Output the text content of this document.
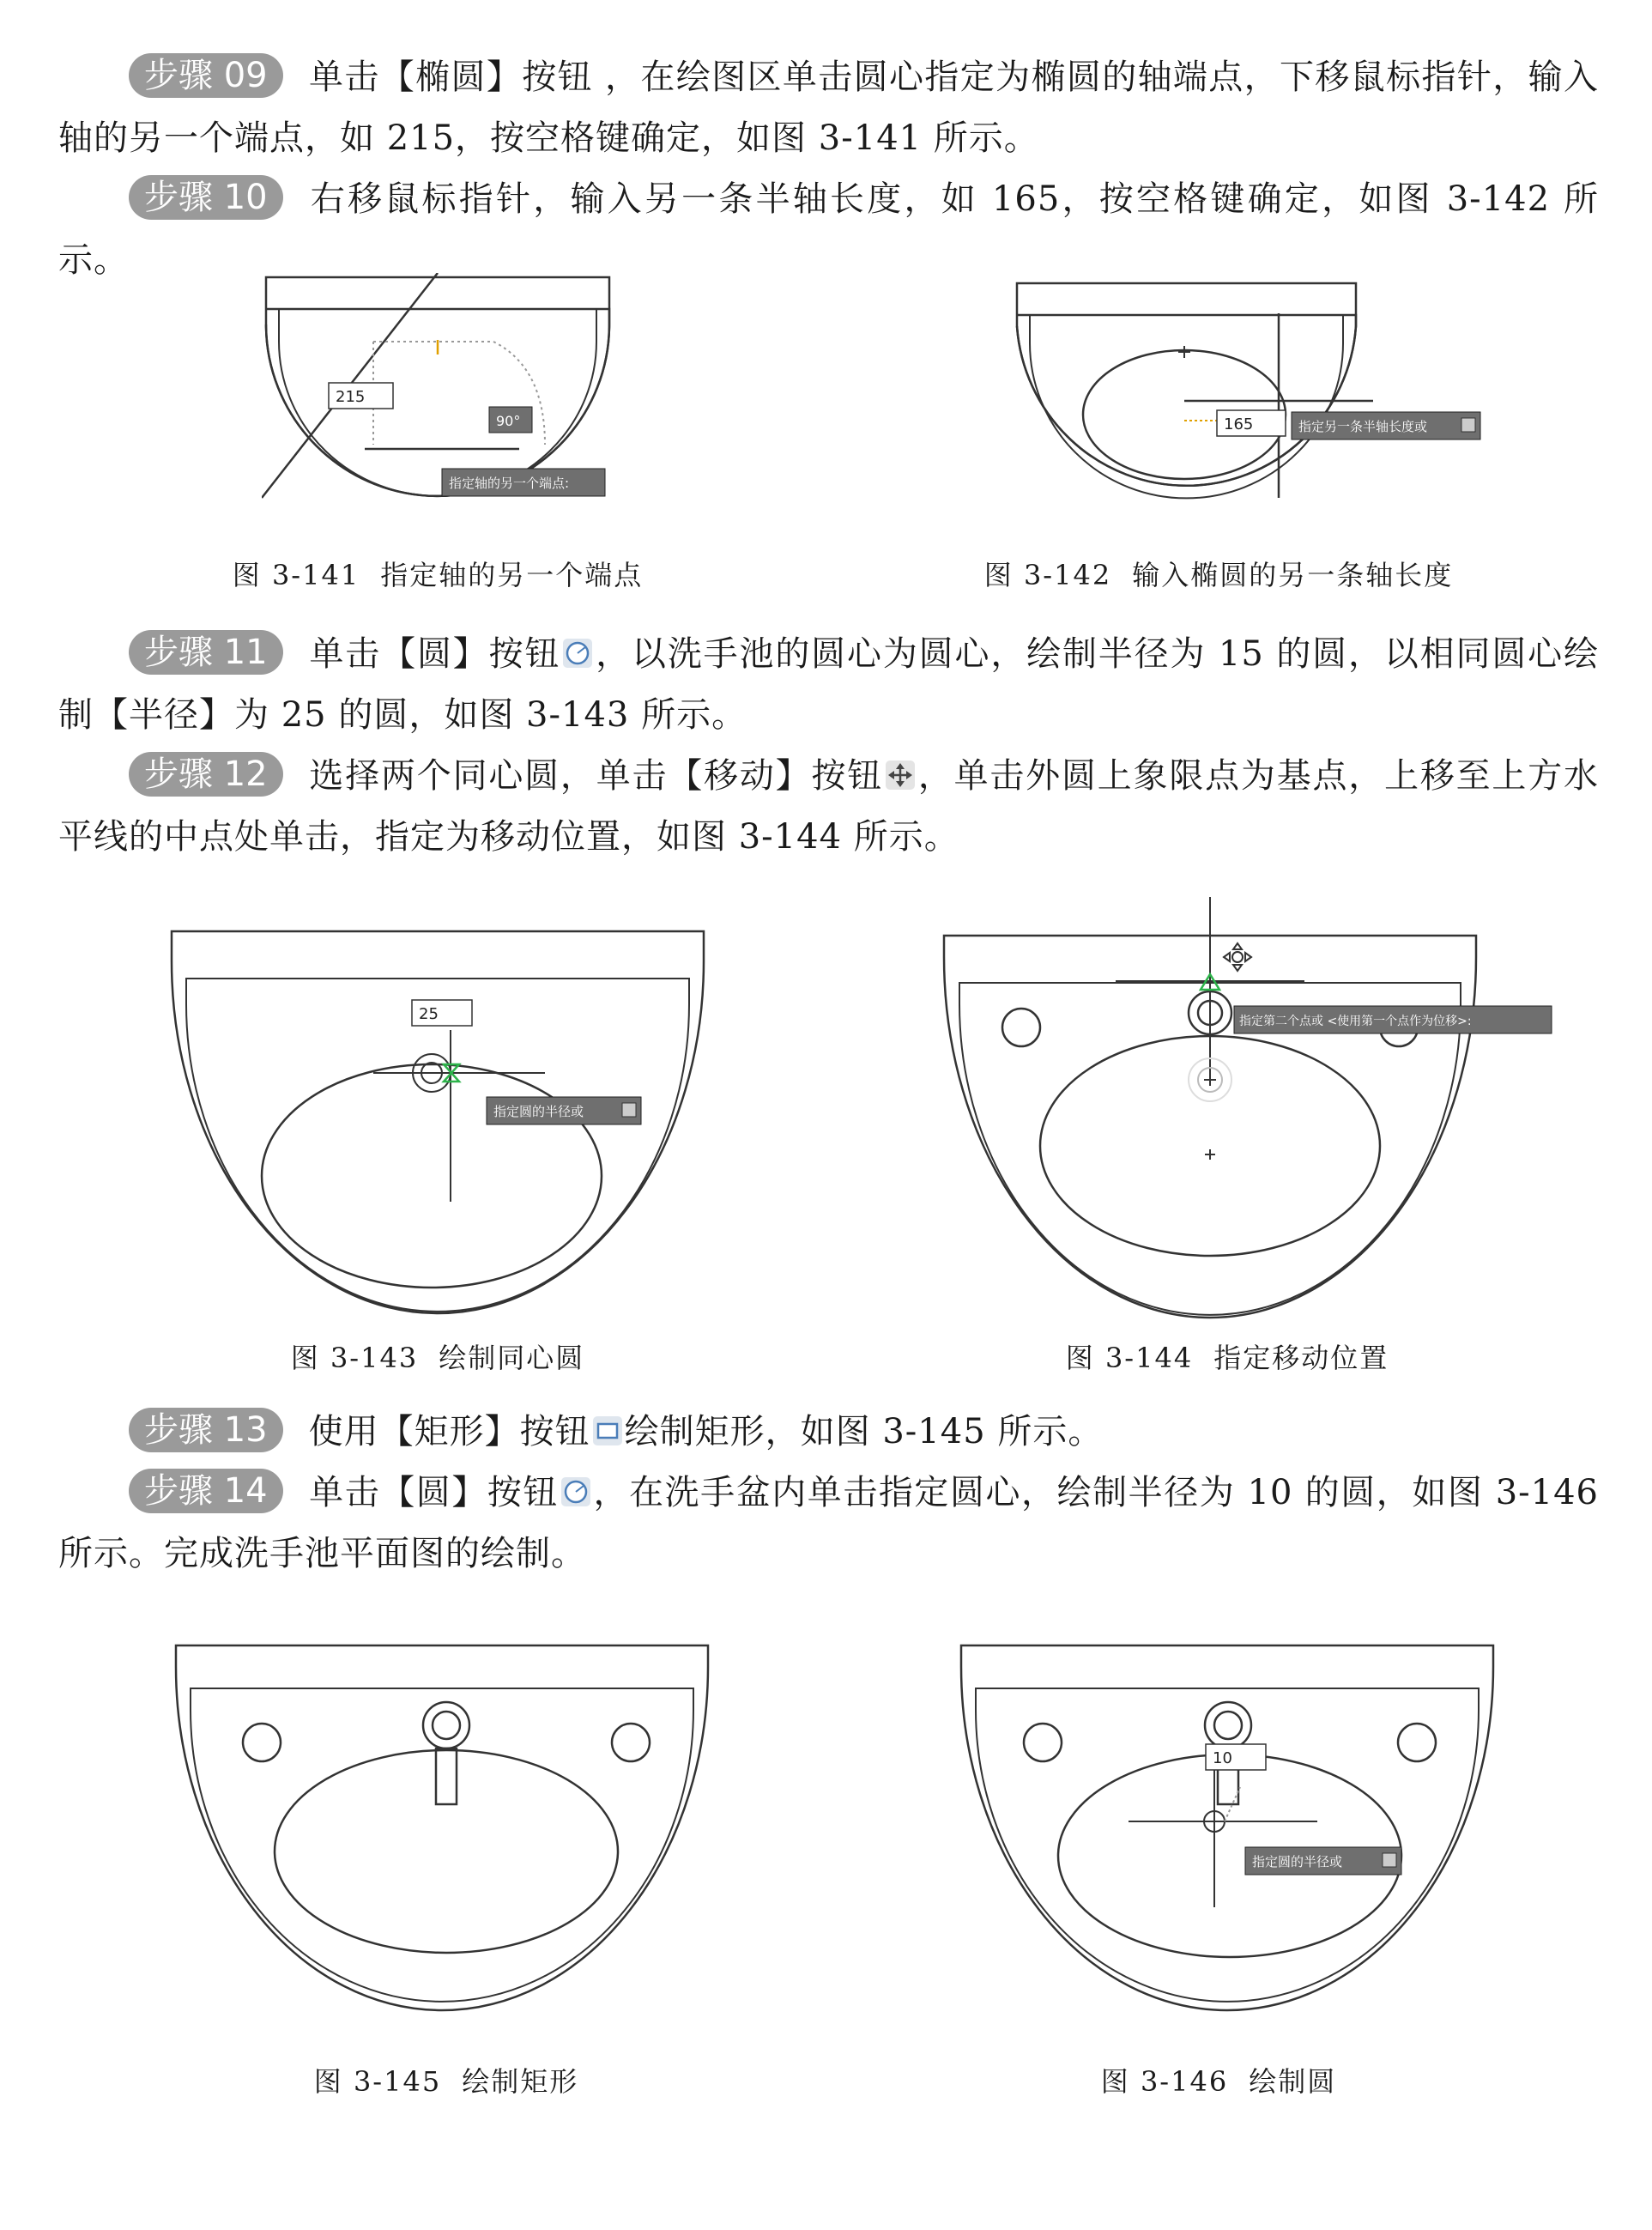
步骤 09 单击【椭圆】按钮 ，在绘图区单击圆心指定为椭圆的轴端点，下移鼠标指针，输入轴的另一个端点，如 215，按空格键确定，如图 3-141 所示。

步骤 10 右移鼠标指针，输入另一条半轴长度，如 165，按空格键确定，如图 3-142 所示。

215
90°
指定轴的另一个端点:
图 3-141 指定轴的另一个端点
165	指定另一条半轴长度或
图 3-142 输入椭圆的另一条轴长度

步骤 11 单击【圆】按钮 ，以洗手池的圆心为圆心，绘制半径为 15 的圆，以相同圆心绘制【半径】为 25 的圆，如图 3-143 所示。

步骤 12 选择两个同心圆，单击【移动】按钮 ，单击外圆上象限点为基点，上移至上方水平线的中点处单击，指定为移动位置，如图 3-144 所示。

25
指定圆的半径或
图 3-143 绘制同心圆
指定第二个点或 <使用第一个点作为位移>:
图 3-144 指定移动位置

步骤 13 使用【矩形】按钮 绘制矩形，如图 3-145 所示。

步骤 14 单击【圆】按钮 ，在洗手盆内单击指定圆心，绘制半径为 10 的圆，如图 3-146 所示。完成洗手池平面图的绘制。

图 3-145 绘制矩形
10
指定圆的半径或
图 3-146 绘制圆
